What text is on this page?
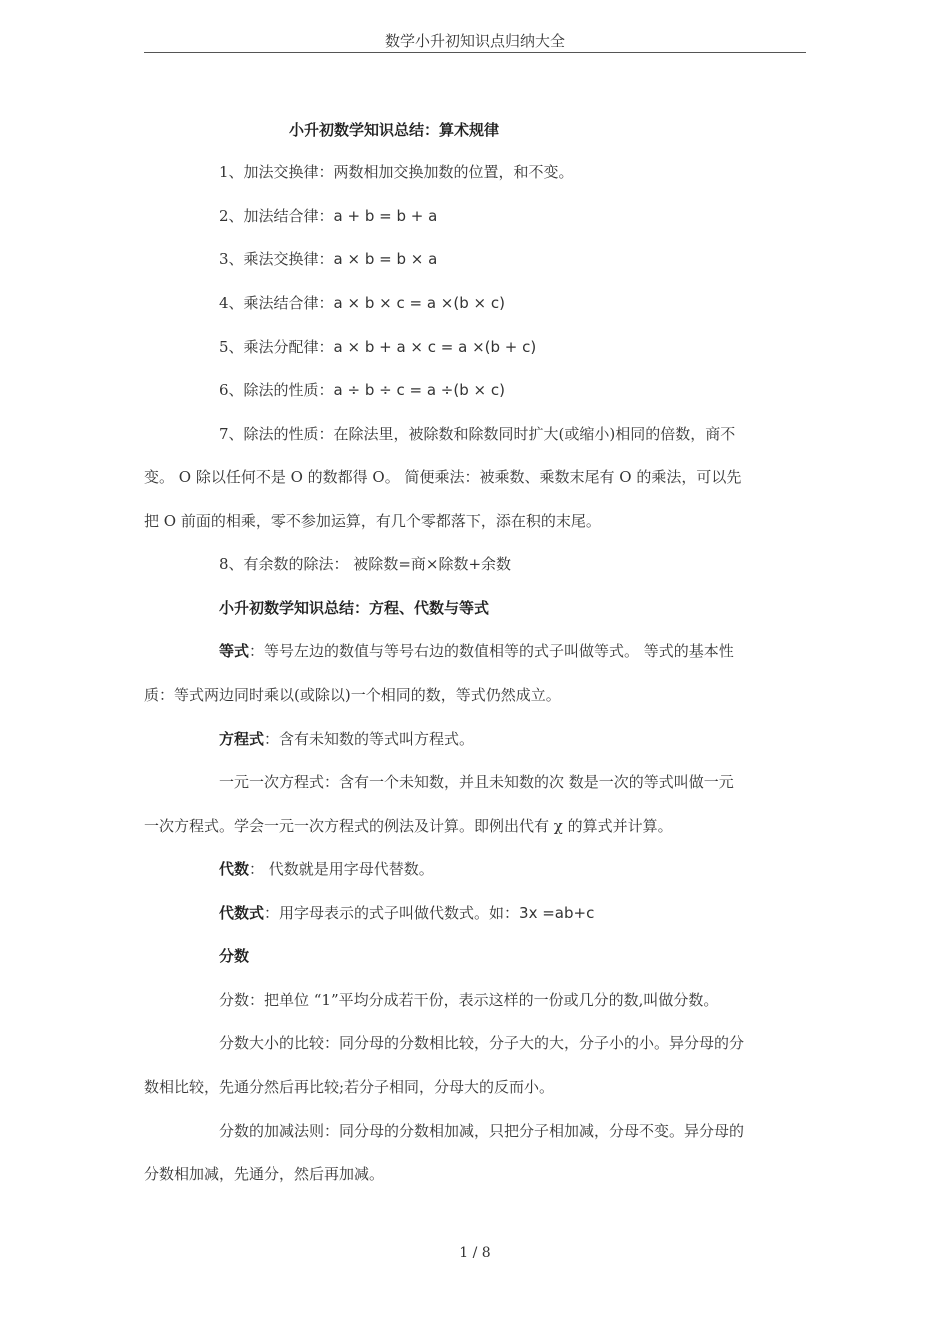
数学小升初知识点归纳大全
小升初数学知识总结：算术规律
1、加法交换律：两数相加交换加数的位置，和不变。
2、加法结合律：a + b = b + a
3、乘法交换律：a × b = b × a
4、乘法结合律：a × b × c = a ×(b × c)
5、乘法分配律：a × b + a × c = a ×(b + c)
6、除法的性质：a ÷ b ÷ c = a ÷(b × c)
7、除法的性质：在除法里，被除数和除数同时扩大(或缩小)相同的倍数，商不
变。 O 除以任何不是 O 的数都得 O。 简便乘法：被乘数、乘数末尾有 O 的乘法，可以先
把 O 前面的相乘，零不参加运算，有几个零都落下，添在积的末尾。
8、有余数的除法： 被除数=商×除数+余数
小升初数学知识总结：方程、代数与等式
等式：等号左边的数值与等号右边的数值相等的式子叫做等式。 等式的基本性
质：等式两边同时乘以(或除以)一个相同的数，等式仍然成立。
方程式：含有未知数的等式叫方程式。
一元一次方程式：含有一个未知数，并且未知数的次 数是一次的等式叫做一元
一次方程式。学会一元一次方程式的例法及计算。即例出代有 χ 的算式并计算。
代数： 代数就是用字母代替数。
代数式：用字母表示的式子叫做代数式。如：3x =ab+c
分数
分数：把单位 “1”平均分成若干份，表示这样的一份或几分的数,叫做分数。
分数大小的比较：同分母的分数相比较，分子大的大，分子小的小。异分母的分
数相比较，先通分然后再比较;若分子相同，分母大的反而小。
分数的加减法则：同分母的分数相加减，只把分子相加减，分母不变。异分母的
分数相加减，先通分，然后再加减。
1 / 8
